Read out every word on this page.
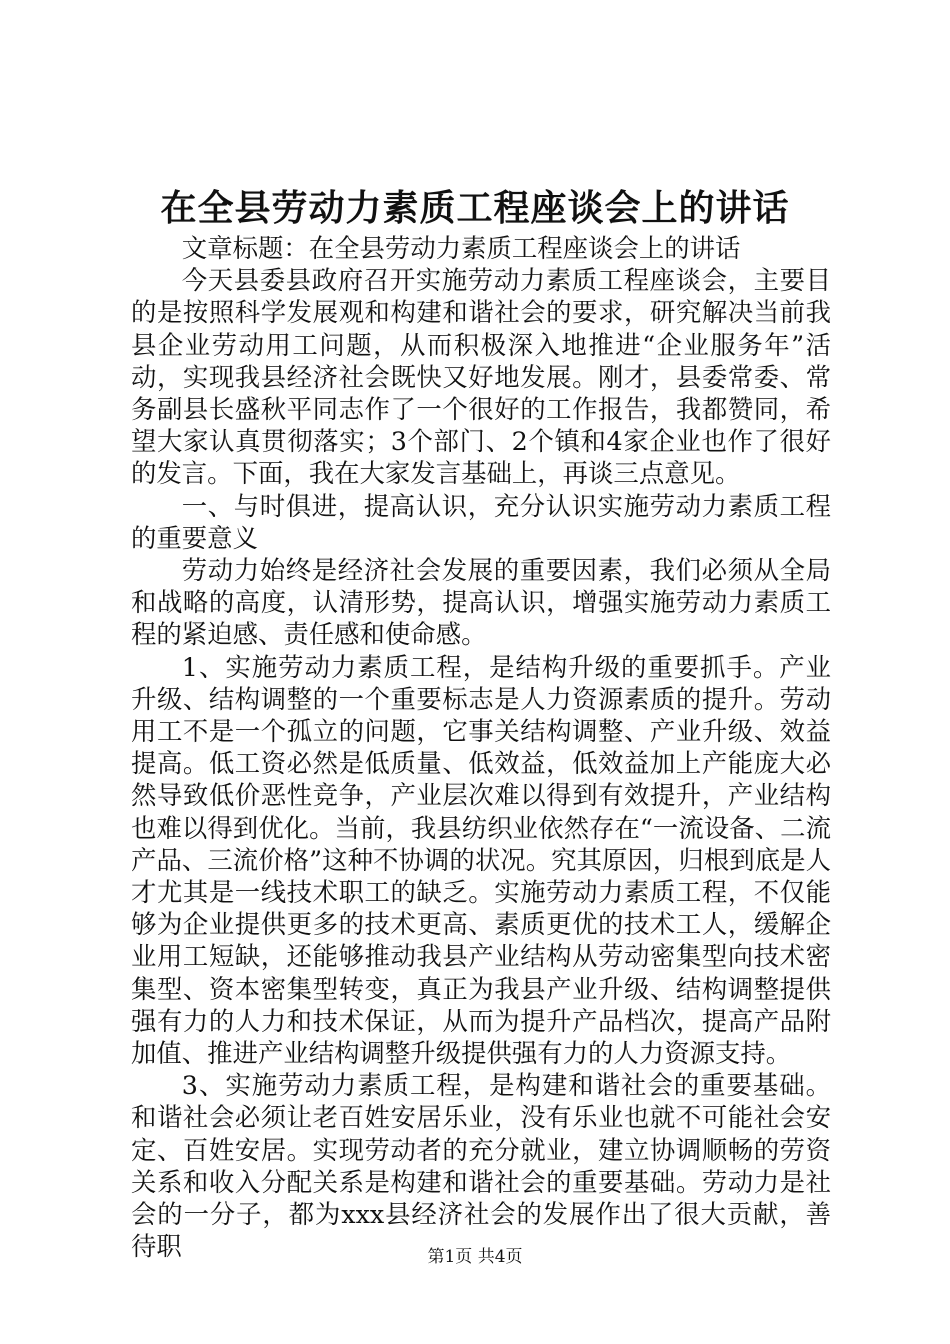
在全县劳动力素质工程座谈会上的讲话

文章标题：在全县劳动力素质工程座谈会上的讲话

今天县委县政府召开实施劳动力素质工程座谈会，主要目的是按照科学发展观和构建和谐社会的要求，研究解决当前我县企业劳动用工问题，从而积极深入地推进“企业服务年”活动，实现我县经济社会既快又好地发展。刚才，县委常委、常务副县长盛秋平同志作了一个很好的工作报告，我都赞同，希望大家认真贯彻落实；3个部门、2个镇和4家企业也作了很好的发言。下面，我在大家发言基础上，再谈三点意见。

一、与时俱进，提高认识，充分认识实施劳动力素质工程的重要意义

劳动力始终是经济社会发展的重要因素，我们必须从全局和战略的高度，认清形势，提高认识，增强实施劳动力素质工程的紧迫感、责任感和使命感。

1、实施劳动力素质工程，是结构升级的重要抓手。产业升级、结构调整的一个重要标志是人力资源素质的提升。劳动用工不是一个孤立的问题，它事关结构调整、产业升级、效益提高。低工资必然是低质量、低效益，低效益加上产能庞大必然导致低价恶性竞争，产业层次难以得到有效提升，产业结构也难以得到优化。当前，我县纺织业依然存在“一流设备、二流产品、三流价格”这种不协调的状况。究其原因，归根到底是人才尤其是一线技术职工的缺乏。实施劳动力素质工程，不仅能够为企业提供更多的技术更高、素质更优的技术工人，缓解企业用工短缺，还能够推动我县产业结构从劳动密集型向技术密集型、资本密集型转变，真正为我县产业升级、结构调整提供强有力的人力和技术保证，从而为提升产品档次，提高产品附加值、推进产业结构调整升级提供强有力的人力资源支持。

3、实施劳动力素质工程，是构建和谐社会的重要基础。和谐社会必须让老百姓安居乐业，没有乐业也就不可能社会安定、百姓安居。实现劳动者的充分就业，建立协调顺畅的劳资关系和收入分配关系是构建和谐社会的重要基础。劳动力是社会的一分子，都为xxx县经济社会的发展作出了很大贡献，善待职	第1页 共4页
